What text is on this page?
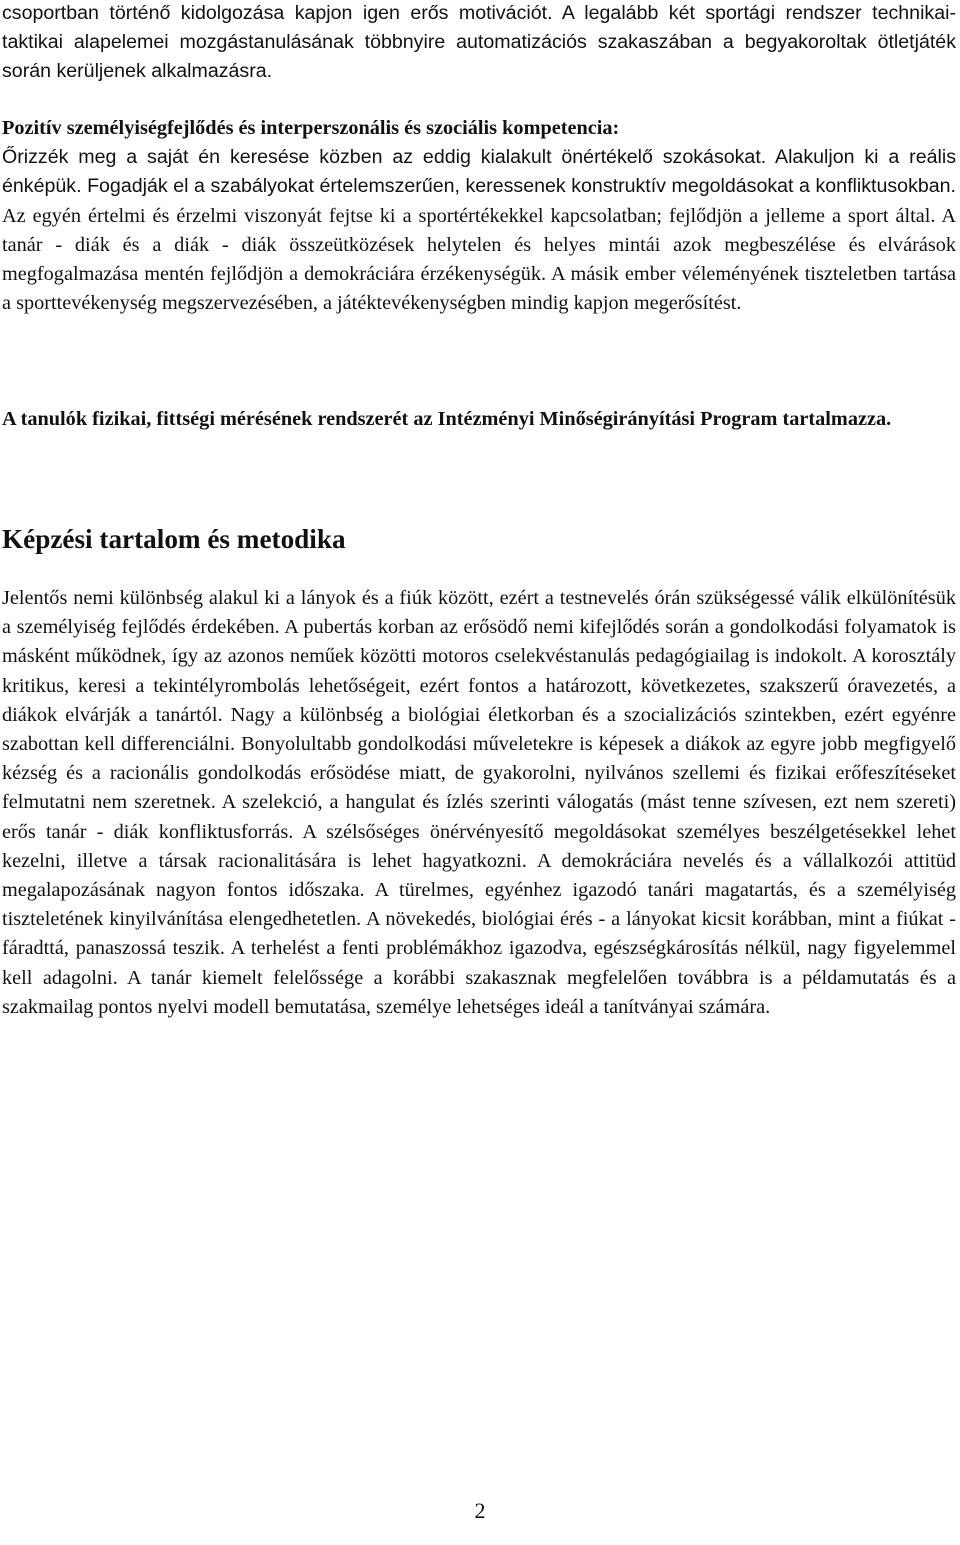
csoportban történő kidolgozása kapjon igen erős motivációt. A legalább két sportági rendszer technikai-taktikai alapelemei mozgástanulásának többnyire automatizációs szakaszában a begyakoroltak ötletjáték során kerüljenek alkalmazásra.

Pozitív személyiségfejlődés és interperszonális és szociális kompetencia:
Őrizzék meg a saját én keresése közben az eddig kialakult önértékelő szokásokat. Alakuljon ki a reális énképük. Fogadják el a szabályokat értelemszerűen, keressenek konstruktív megoldásokat a konfliktusokban. Az egyén értelmi és érzelmi viszonyát fejtse ki a sportértékekkel kapcsolatban; fejlődjön a jelleme a sport által. A tanár - diák és a diák - diák összeütközések helytelen és helyes mintái azok megbeszélése és elvárások megfogalmazása mentén fejlődjön a demokráciára érzékenységük. A másik ember véleményének tiszteletben tartása a sporttevékenység megszervezésében, a játéktevékenységben mindig kapjon megerősítést.

A tanulók fizikai, fittségi mérésének rendszerét az Intézményi Minőségirányítási Program tartalmazza.

Képzési tartalom és metodika

Jelentős nemi különbség alakul ki a lányok és a fiúk között, ezért a testnevelés órán szükségessé válik elkülönítésük a személyiség fejlődés érdekében. A pubertás korban az erősödő nemi kifejlődés során a gondolkodási folyamatok is másként működnek, így az azonos neműek közötti motoros cselekvéstanulás pedagógiailag is indokolt. A korosztály kritikus, keresi a tekintélyrombolás lehetőségeit, ezért fontos a határozott, következetes, szakszerű óravezetés, a diákok elvárják a tanártól. Nagy a különbség a biológiai életkorban és a szocializációs szintekben, ezért egyénre szabottan kell differenciálni. Bonyolultabb gondolkodási műveletekre is képesek a diákok az egyre jobb megfigyelő kézség és a racionális gondolkodás erősödése miatt, de gyakorolni, nyilvános szellemi és fizikai erőfeszítéseket felmutatni nem szeretnek. A szelekció, a hangulat és ízlés szerinti válogatás (mást tenne szívesen, ezt nem szereti) erős tanár - diák konfliktusforrás. A szélsőséges önérvényesítő megoldásokat személyes beszélgetésekkel lehet kezelni, illetve a társak racionalitására is lehet hagyatkozni. A demokráciára nevelés és a vállalkozói attitüd megalapozásának nagyon fontos időszaka. A türelmes, egyénhez igazodó tanári magatartás, és a személyiség tiszteletének kinyilvánítása elengedhetetlen. A növekedés, biológiai érés - a lányokat kicsit korábban, mint a fiúkat - fáradttá, panaszossá teszik. A terhelést a fenti problémákhoz igazodva, egészségkárosítás nélkül, nagy figyelemmel kell adagolni. A tanár kiemelt felelőssége a korábbi szakasznak megfelelően továbbra is a példamutatás és a szakmailag pontos nyelvi modell bemutatása, személye lehetséges ideál a tanítványai számára.

2
